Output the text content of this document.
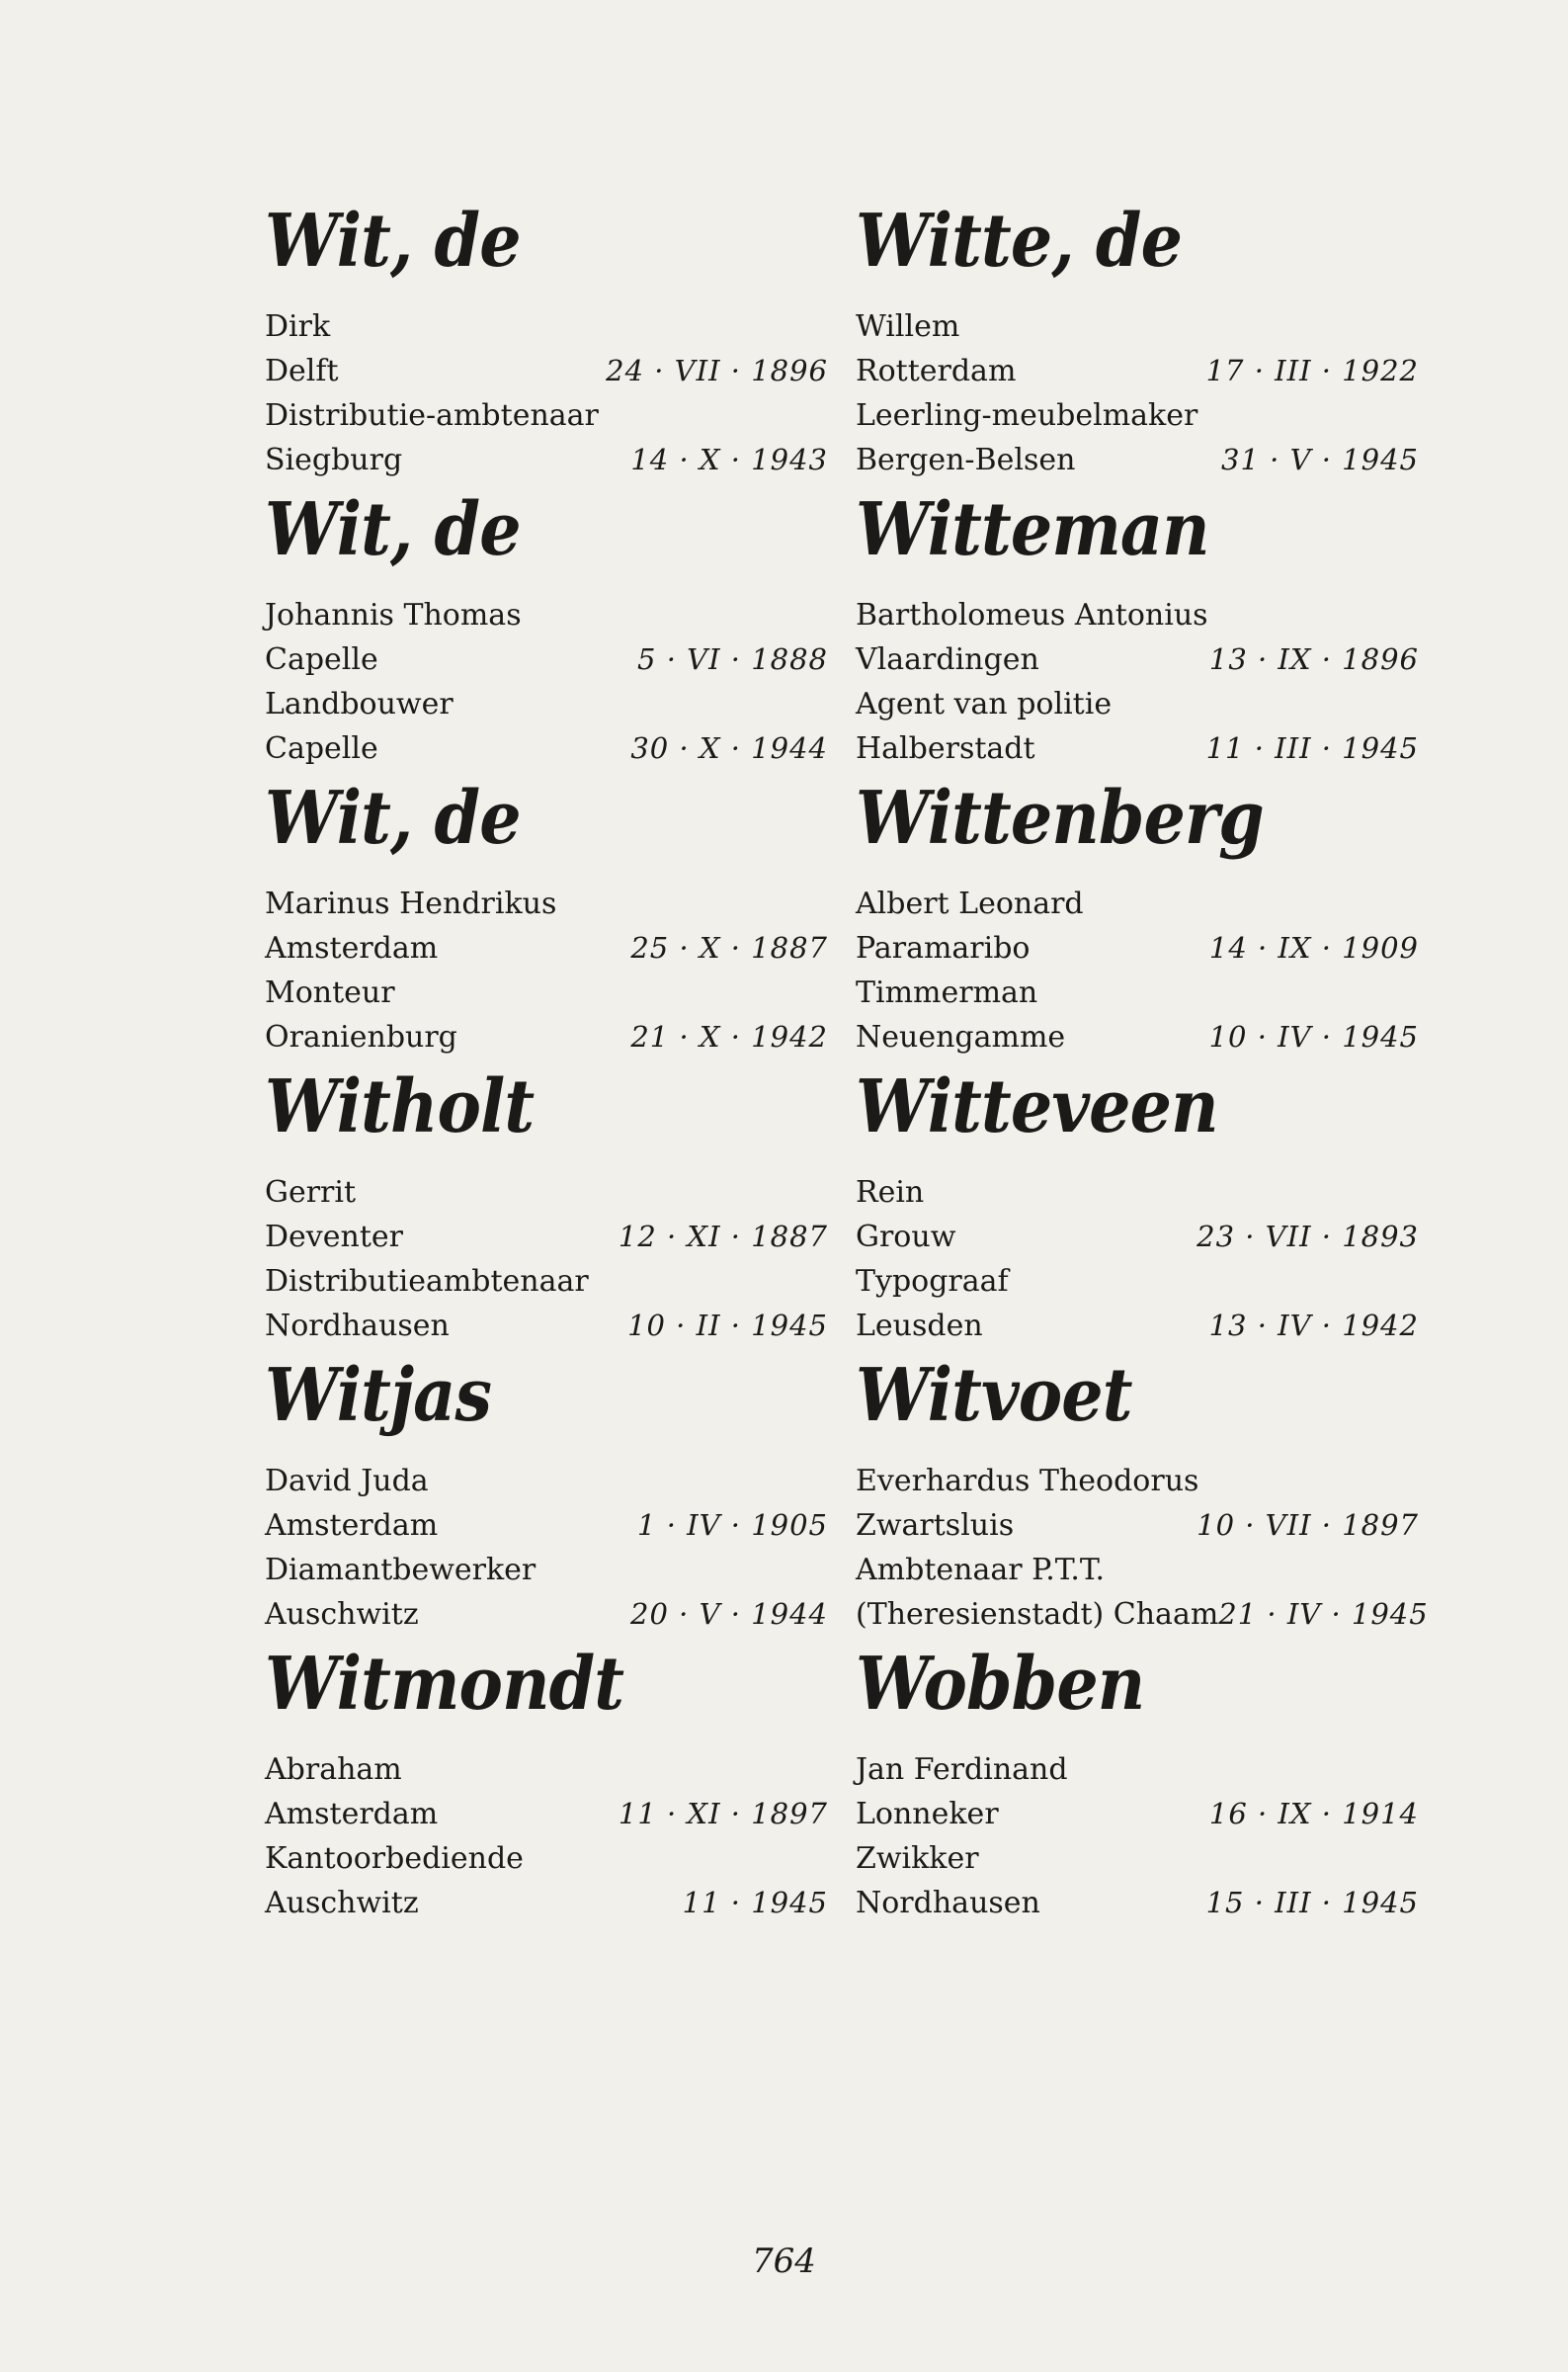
Wit, de
Dirk
Delft	24 · VII · 1896
Distributie-ambtenaar
Siegburg	14 · X · 1943
Wit, de
Johannis Thomas
Capelle	5 · VI · 1888
Landbouwer
Capelle	30 · X · 1944
Wit, de
Marinus Hendrikus
Amsterdam	25 · X · 1887
Monteur
Oranienburg	21 · X · 1942
Witholt
Gerrit
Deventer	12 · XI · 1887
Distributieambtenaar
Nordhausen	10 · II · 1945
Witjas
David Juda
Amsterdam	1 · IV · 1905
Diamantbewerker
Auschwitz	20 · V · 1944
Witmondt
Abraham
Amsterdam	11 · XI · 1897
Kantoorbediende
Auschwitz	11 · 1945
Witte, de
Willem
Rotterdam	17 · III · 1922
Leerling-meubelmaker
Bergen-Belsen	31 · V · 1945
Witteman
Bartholomeus Antonius
Vlaardingen	13 · IX · 1896
Agent van politie
Halberstadt	11 · III · 1945
Wittenberg
Albert Leonard
Paramaribo	14 · IX · 1909
Timmerman
Neuengamme	10 · IV · 1945
Witteveen
Rein
Grouw	23 · VII · 1893
Typograaf
Leusden	13 · IV · 1942
Witvoet
Everhardus Theodorus
Zwartsluis	10 · VII · 1897
Ambtenaar P.T.T.
(Theresienstadt) Chaam 21 · IV · 1945
Wobben
Jan Ferdinand
Lonneker	16 · IX · 1914
Zwikker
Nordhausen	15 · III · 1945
764
